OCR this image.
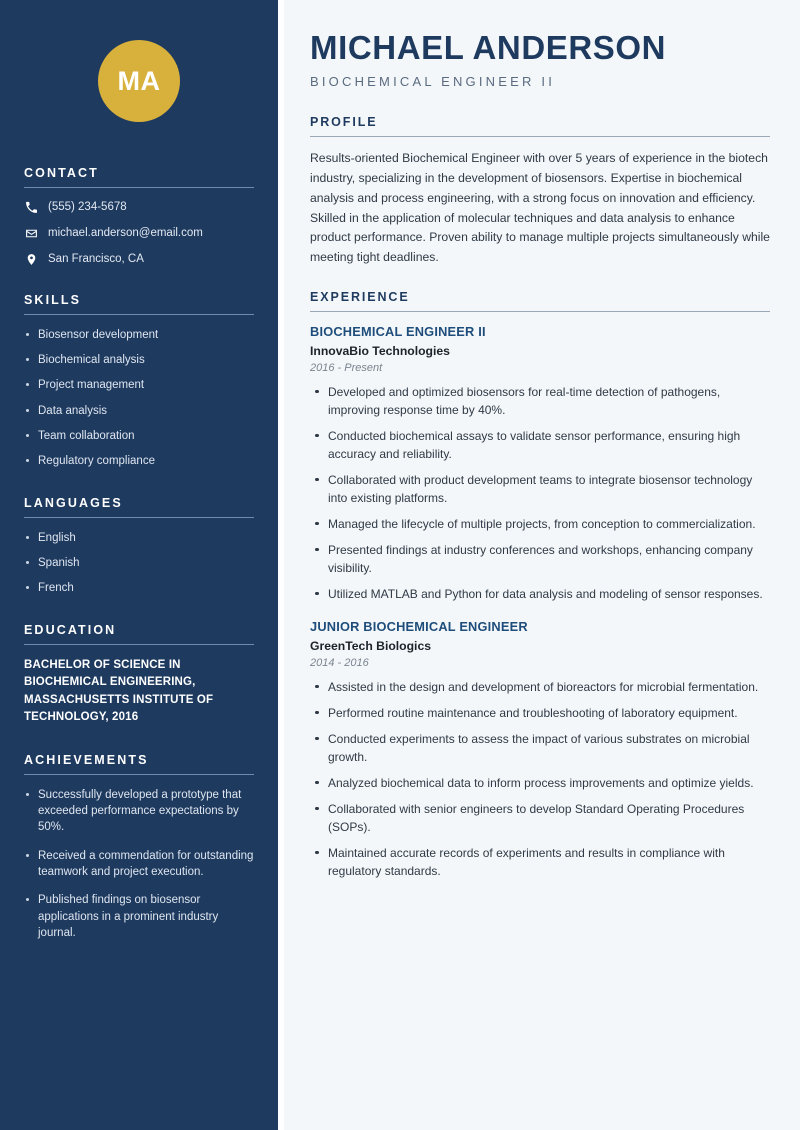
MA
CONTACT
(555) 234-5678
michael.anderson@email.com
San Francisco, CA
SKILLS
Biosensor development
Biochemical analysis
Project management
Data analysis
Team collaboration
Regulatory compliance
LANGUAGES
English
Spanish
French
EDUCATION
BACHELOR OF SCIENCE IN BIOCHEMICAL ENGINEERING, MASSACHUSETTS INSTITUTE OF TECHNOLOGY, 2016
ACHIEVEMENTS
Successfully developed a prototype that exceeded performance expectations by 50%.
Received a commendation for outstanding teamwork and project execution.
Published findings on biosensor applications in a prominent industry journal.
MICHAEL ANDERSON
BIOCHEMICAL ENGINEER II
PROFILE

Results-oriented Biochemical Engineer with over 5 years of experience in the biotech industry, specializing in the development of biosensors. Expertise in biochemical analysis and process engineering, with a strong focus on innovation and efficiency. Skilled in the application of molecular techniques and data analysis to enhance product performance. Proven ability to manage multiple projects simultaneously while meeting tight deadlines.

EXPERIENCE
BIOCHEMICAL ENGINEER II
InnovaBio Technologies
2016 - Present
Developed and optimized biosensors for real-time detection of pathogens, improving response time by 40%.
Conducted biochemical assays to validate sensor performance, ensuring high accuracy and reliability.
Collaborated with product development teams to integrate biosensor technology into existing platforms.
Managed the lifecycle of multiple projects, from conception to commercialization.
Presented findings at industry conferences and workshops, enhancing company visibility.
Utilized MATLAB and Python for data analysis and modeling of sensor responses.
JUNIOR BIOCHEMICAL ENGINEER
GreenTech Biologics
2014 - 2016
Assisted in the design and development of bioreactors for microbial fermentation.
Performed routine maintenance and troubleshooting of laboratory equipment.
Conducted experiments to assess the impact of various substrates on microbial growth.
Analyzed biochemical data to inform process improvements and optimize yields.
Collaborated with senior engineers to develop Standard Operating Procedures (SOPs).
Maintained accurate records of experiments and results in compliance with regulatory standards.
